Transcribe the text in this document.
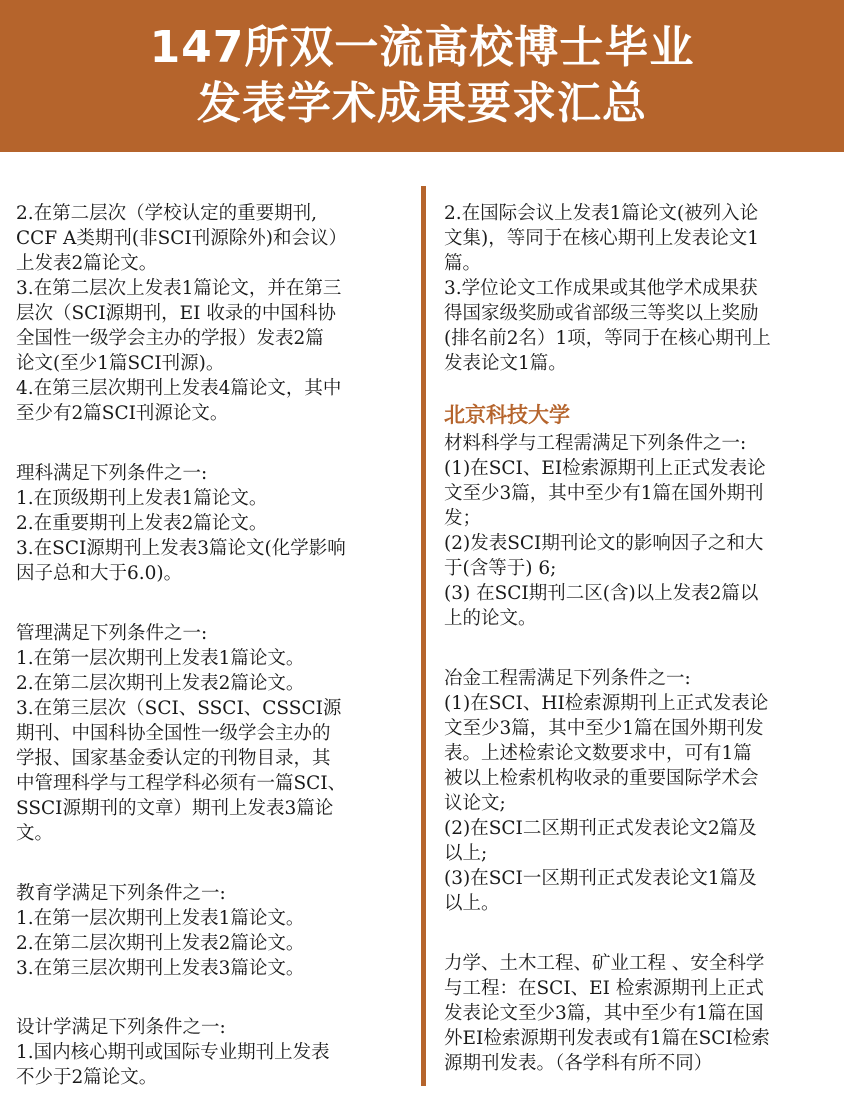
147所双一流高校博士毕业
发表学术成果要求汇总
2.在第二层次（学校认定的重要期刊,
CCF A类期刊(非SCI刊源除外)和会议）
上发表2篇论文。
3.在第二层次上发表1篇论文，并在第三
层次（SCI源期刊，EI 收录的中国科协
全国性一级学会主办的学报）发表2篇
论文(至少1篇SCI刊源)。
4.在第三层次期刊上发表4篇论文，其中
至少有2篇SCI刊源论文。
理科满足下列条件之一:
1.在顶级期刊上发表1篇论文。
2.在重要期刊上发表2篇论文。
3.在SCI源期刊上发表3篇论文(化学影响
因子总和大于6.0)。
管理满足下列条件之一:
1.在第一层次期刊上发表1篇论文。
2.在第二层次期刊上发表2篇论文。
3.在第三层次（SCI、SSCI、CSSCI源
期刊、中国科协全国性一级学会主办的
学报、国家基金委认定的刊物目录，其
中管理科学与工程学科必须有一篇SCI、
SSCI源期刊的文章）期刊上发表3篇论
文。
教育学满足下列条件之一:
1.在第一层次期刊上发表1篇论文。
2.在第二层次期刊上发表2篇论文。
3.在第三层次期刊上发表3篇论文。
设计学满足下列条件之一:
1.国内核心期刊或国际专业期刊上发表
不少于2篇论文。
2.在国际会议上发表1篇论文(被列入论
文集)，等同于在核心期刊上发表论文1
篇。
3.学位论文工作成果或其他学术成果获
得国家级奖励或省部级三等奖以上奖励
(排名前2名）1项，等同于在核心期刊上
发表论文1篇。
北京科技大学
材料科学与工程需满足下列条件之一:
(1)在SCI、EI检索源期刊上正式发表论
文至少3篇，其中至少有1篇在国外期刊
发；
(2)发表SCI期刊论文的影响因子之和大
于(含等于) 6;
(3) 在SCI期刊二区(含)以上发表2篇以
上的论文。
冶金工程需满足下列条件之一:
(1)在SCI、HI检索源期刊上正式发表论
文至少3篇，其中至少1篇在国外期刊发
表。上述检索论文数要求中，可有1篇
被以上检索机构收录的重要国际学术会
议论文;
(2)在SCI二区期刊正式发表论文2篇及
以上;
(3)在SCI一区期刊正式发表论文1篇及
以上。
力学、土木工程、矿业工程 、安全科学
与工程：在SCI、EI 检索源期刊上正式
发表论文至少3篇，其中至少有1篇在国
外EI检索源期刊发表或有1篇在SCI检索
源期刊发表。（各学科有所不同）
